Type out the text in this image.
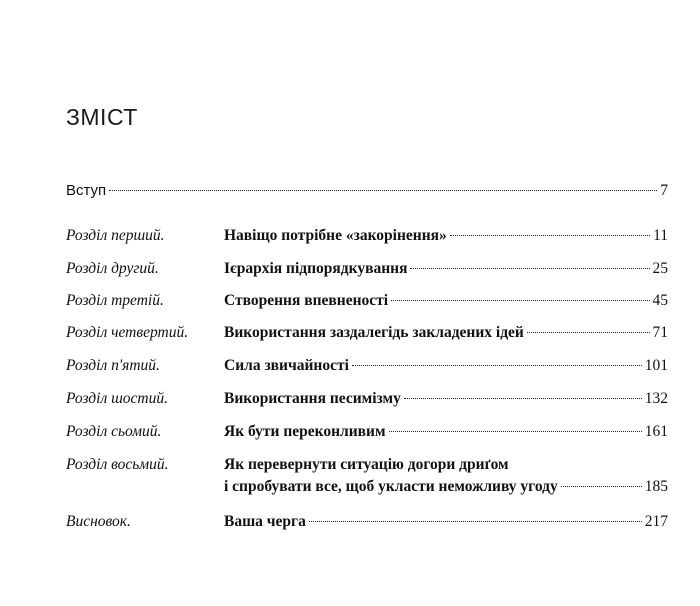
ЗМІСТ
Вступ	7
Розділ перший.	Навіщо потрібне «закорінення»	11
Розділ другий.	Ієрархія підпорядкування	25
Розділ третій.	Створення впевненості	45
Розділ четвертий.	Використання заздалегідь закладених ідей	71
Розділ п'ятий.	Сила звичайності	101
Розділ шостий.	Використання песимізму	132
Розділ сьомий.	Як бути переконливим	161
Розділ восьмий.	Як перевернути ситуацію догори дриґом
і спробувати все, щоб укласти неможливу угоду	185
Висновок.	Ваша черга	217
